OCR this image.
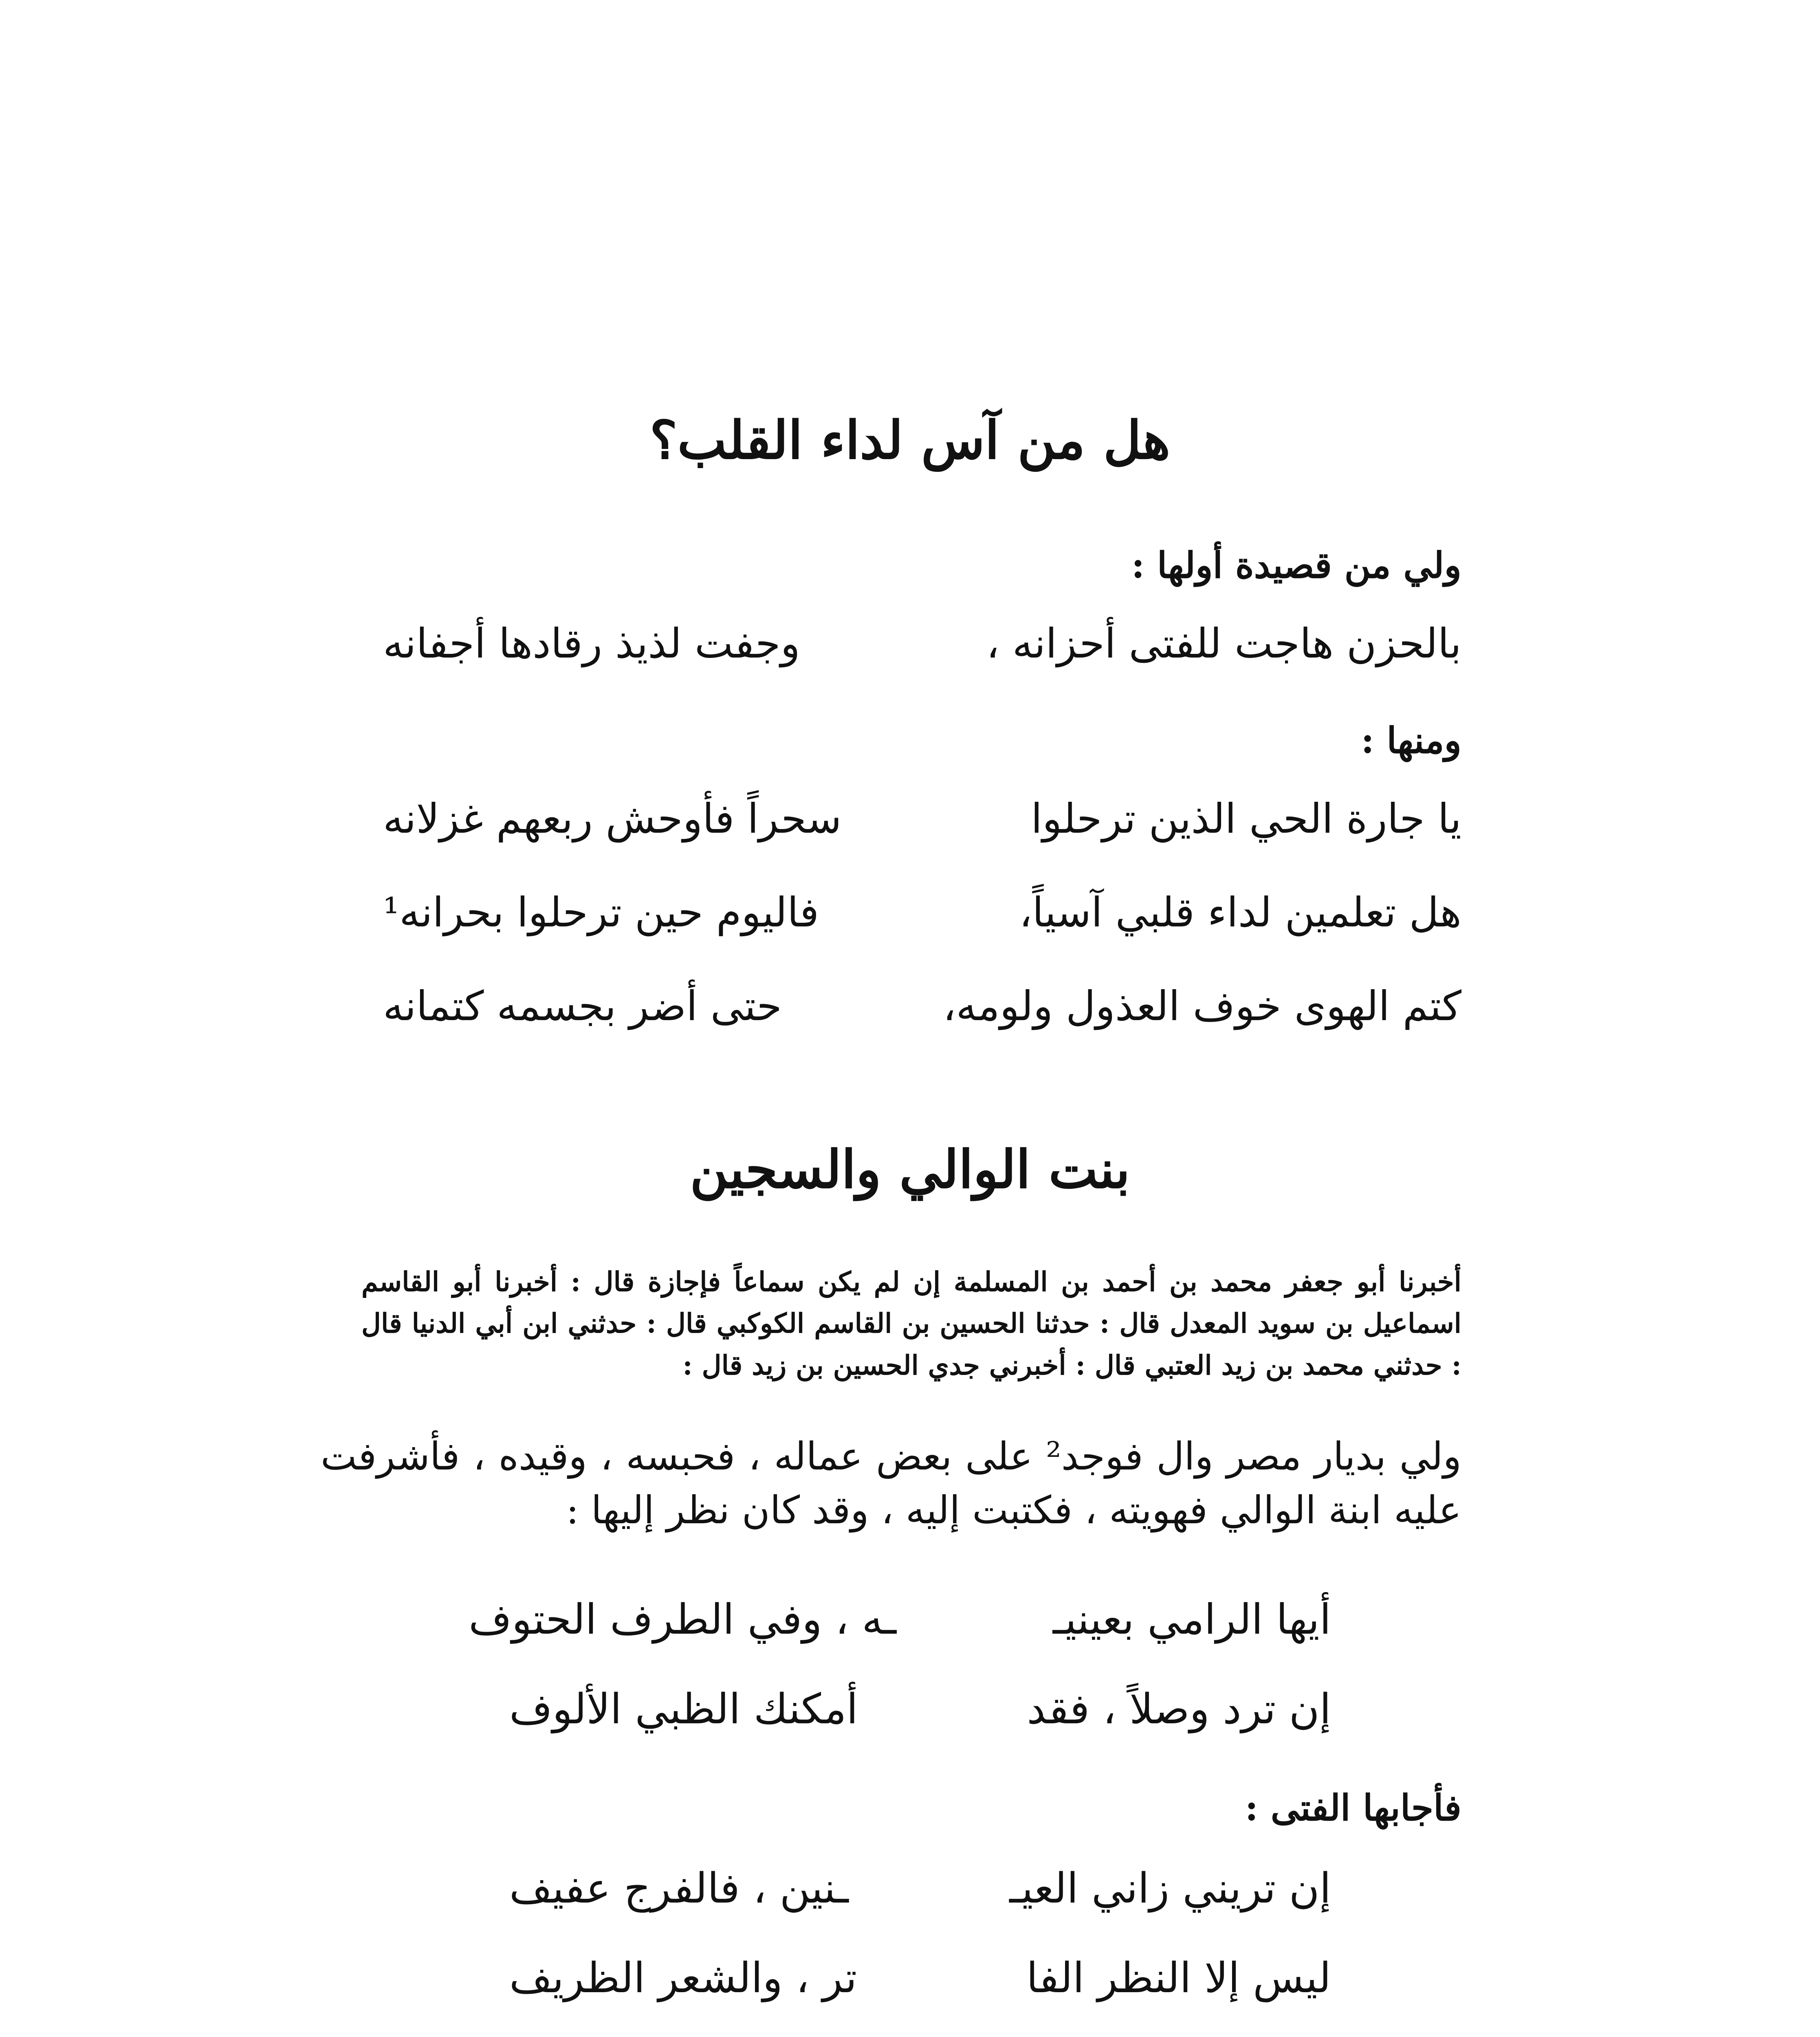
هل من آس لداء القلب؟
ولي من قصيدة أولها :
بالحزن هاجت للفتى أحزانه ،
وجفت لذيذ رقادها أجفانه
ومنها :
يا جارة الحي الذين ترحلوا
سحراً فأوحش ربعهم غزلانه
هل تعلمين لداء قلبي آسياً،
فاليوم حين ترحلوا بحرانه¹
كتم الهوى خوف العذول ولومه،
حتى أضر بجسمه كتمانه
بنت الوالي والسجين
أخبرنا أبو جعفر محمد بن أحمد بن المسلمة إن لم يكن سماعاً فإجازة قال : أخبرنا أبو القاسم اسماعيل بن سويد المعدل قال : حدثنا الحسين بن القاسم الكوكبي قال : حدثني ابن أبي الدنيا قال : حدثني محمد بن زيد العتبي قال : أخبرني جدي الحسين بن زيد قال :
ولي بديار مصر وال فوجد² على بعض عماله ، فحبسه ، وقيده ، فأشرفت عليه ابنة الوالي فهويته ، فكتبت إليه ، وقد كان نظر إليها :
أيها الرامي بعينيـ
ـه ، وفي الطرف الحتوف
إن ترد وصلاً ، فقد
أمكنك الظبي الألوف
فأجابها الفتى :
إن تريني زاني العيـ
ـنين ، فالفرج عفيف
ليس إلا النظر الفا
تر ، والشعر الظريف
